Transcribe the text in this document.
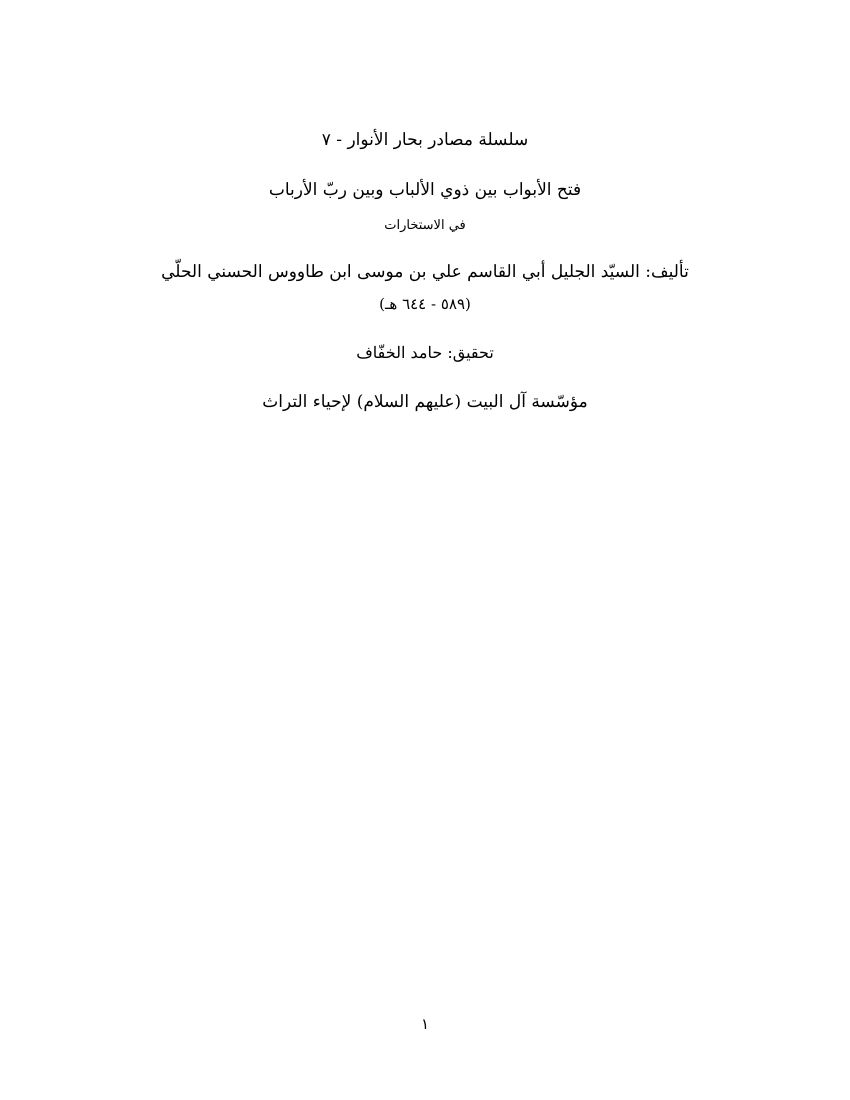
سلسلة مصادر بحار الأنوار - ٧
فتح الأبواب بين ذوي الألباب وبين ربّ الأرباب
في الاستخارات
تأليف: السيّد الجليل أبي القاسم علي بن موسى ابن طاووس الحسني الحلّي
(٥٨٩ - ٦٤٤ هـ)
تحقيق: حامد الخفّاف
مؤسّسة آل البيت (عليهم السلام) لإحياء التراث
١
